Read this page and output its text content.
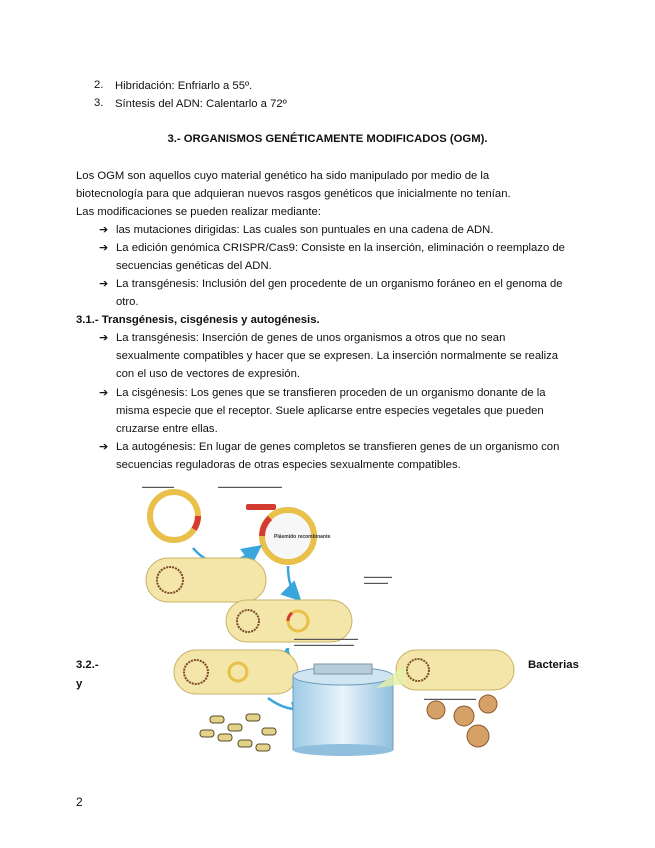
2. Hibridación: Enfriarlo a 55º.
3. Síntesis del ADN: Calentarlo a 72º
3.- ORGANISMOS GENÉTICAMENTE MODIFICADOS (OGM).
Los OGM son aquellos cuyo material genético ha sido manipulado por medio de la
biotecnología para que adquieran nuevos rasgos genéticos que inicialmente no tenían.
Las modificaciones se pueden realizar mediante:
➔ las mutaciones dirigidas: Las cuales son puntuales en una cadena de ADN.
➔ La edición genómica CRISPR/Cas9: Consiste en la inserción, eliminación o reemplazo de
secuencias genéticas del ADN.
➔ La transgénesis: Inclusión del gen procedente de un organismo foráneo en el genoma de
otro.
3.1.- Transgénesis, cisgénesis y autogénesis.
➔ La transgénesis: Inserción de genes de unos organismos a otros que no sean
sexualmente compatibles y hacer que se expresen. La inserción normalmente se realiza
con el uso de vectores de expresión.
➔ La cisgénesis: Los genes que se transfieren proceden de un organismo donante de la
misma especie que el receptor. Suele aplicarse entre especies vegetales que pueden
cruzarse entre ellas.
➔ La autogénesis: En lugar de genes completos se transfieren genes de un organismo con
secuencias reguladoras de otras especies sexualmente compatibles.
3.2.-
y
Bacterias
▬▬▬▬▬▬▬▬	▬▬▬▬▬▬▬▬▬▬▬▬▬▬▬▬
Plásmido recombinante
▬▬▬▬▬▬▬
▬▬▬▬▬▬
▬▬▬▬▬▬▬▬▬▬▬▬▬▬▬▬
▬▬▬▬▬▬▬▬▬▬▬▬▬▬▬
▬▬▬▬▬▬▬▬▬▬▬▬▬
2
